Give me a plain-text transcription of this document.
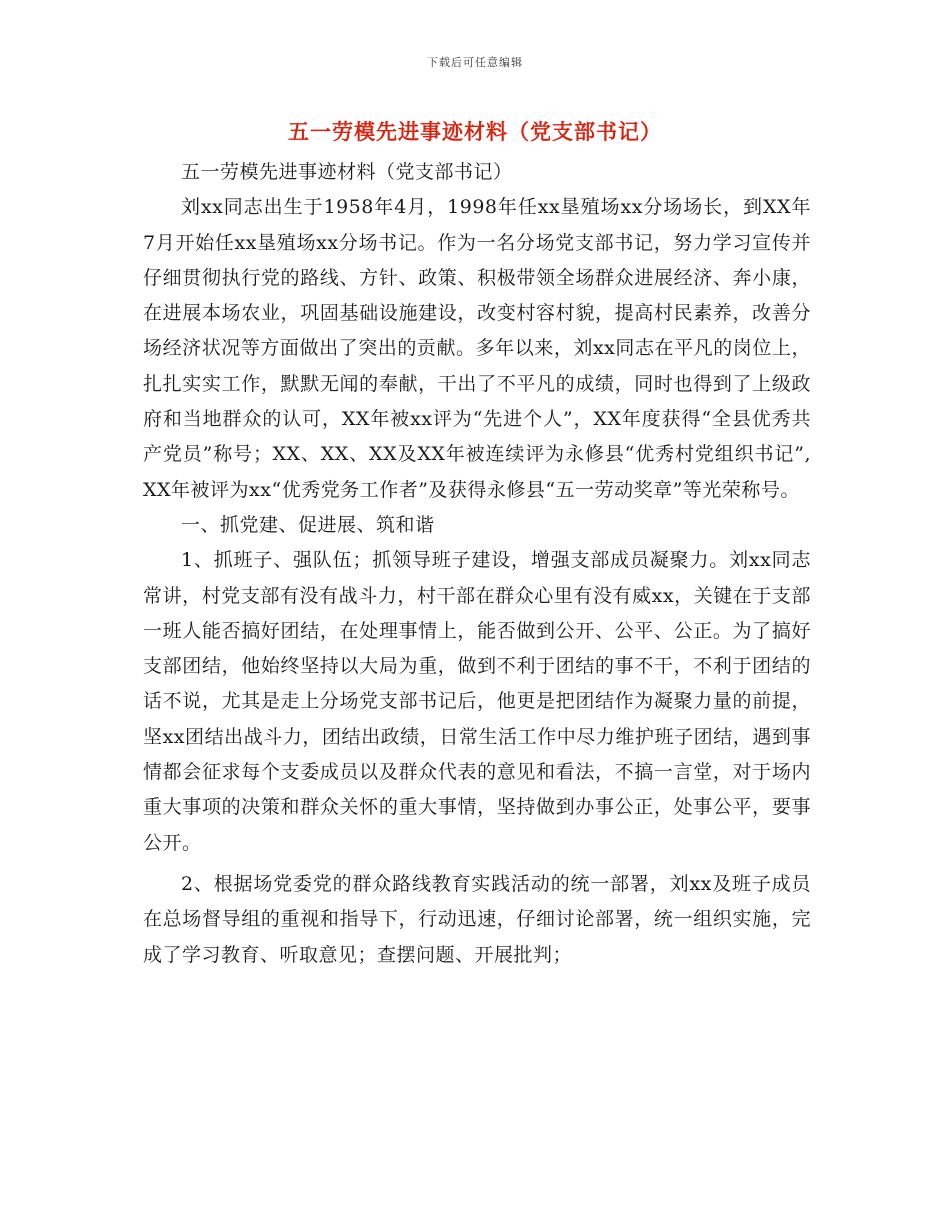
下载后可任意编辑
五一劳模先进事迹材料（党支部书记）

五一劳模先进事迹材料（党支部书记）

刘xx同志出生于1958年4月，1998年任xx垦殖场xx分场场长，到XX年7月开始任xx垦殖场xx分场书记。作为一名分场党支部书记，努力学习宣传并仔细贯彻执行党的路线、方针、政策、积极带领全场群众进展经济、奔小康，在进展本场农业，巩固基础设施建设，改变村容村貌，提高村民素养，改善分场经济状况等方面做出了突出的贡献。多年以来，刘xx同志在平凡的岗位上，扎扎实实工作，默默无闻的奉献，干出了不平凡的成绩，同时也得到了上级政府和当地群众的认可，XX年被xx评为“先进个人”，XX年度获得“全县优秀共产党员”称号；XX、XX、XX及XX年被连续评为永修县“优秀村党组织书记”,XX年被评为xx“优秀党务工作者”及获得永修县“五一劳动奖章”等光荣称号。

一、抓党建、促进展、筑和谐

1、抓班子、强队伍；抓领导班子建设，增强支部成员凝聚力。刘xx同志常讲，村党支部有没有战斗力，村干部在群众心里有没有威xx，关键在于支部一班人能否搞好团结，在处理事情上，能否做到公开、公平、公正。为了搞好支部团结，他始终坚持以大局为重，做到不利于团结的事不干，不利于团结的话不说，尤其是走上分场党支部书记后，他更是把团结作为凝聚力量的前提，坚xx团结出战斗力，团结出政绩，日常生活工作中尽力维护班子团结，遇到事情都会征求每个支委成员以及群众代表的意见和看法，不搞一言堂，对于场内重大事项的决策和群众关怀的重大事情，坚持做到办事公正，处事公平，要事公开。

2、根据场党委党的群众路线教育实践活动的统一部署，刘xx及班子成员在总场督导组的重视和指导下，行动迅速，仔细讨论部署，统一组织实施，完成了学习教育、听取意见；查摆问题、开展批判；
